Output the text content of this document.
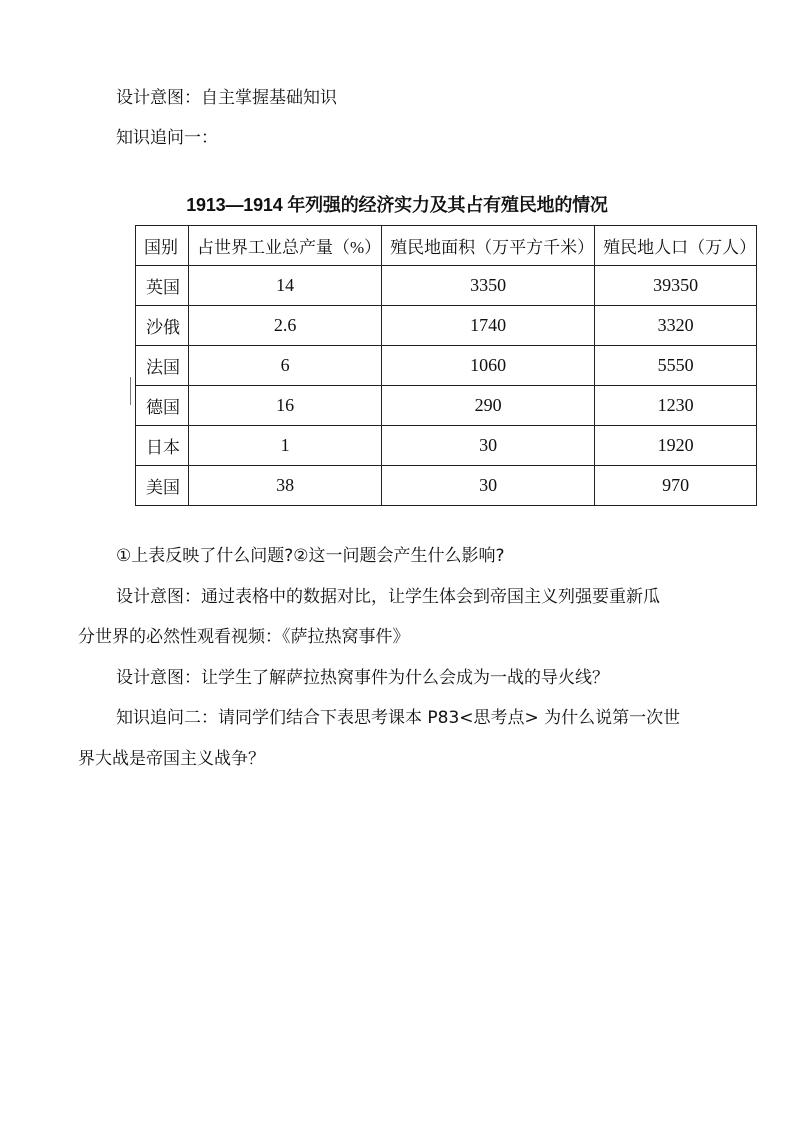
设计意图：自主掌握基础知识
知识追问一：
1913—1914 年列强的经济实力及其占有殖民地的情况
国别	占世界工业总产量（%）	殖民地面积（万平方千米）	殖民地人口（万人）
英国	14	3350	39350
沙俄	2.6	1740	3320
法国	6	1060	5550
德国	16	290	1230
日本	1	30	1920
美国	38	30	970
①上表反映了什么问题?②这一问题会产生什么影响?
设计意图：通过表格中的数据对比，让学生体会到帝国主义列强要重新瓜
分世界的必然性观看视频：《萨拉热窝事件》
设计意图：让学生了解萨拉热窝事件为什么会成为一战的导火线？
知识追问二：请同学们结合下表思考课本 P83<思考点> 为什么说第一次世
界大战是帝国主义战争？
